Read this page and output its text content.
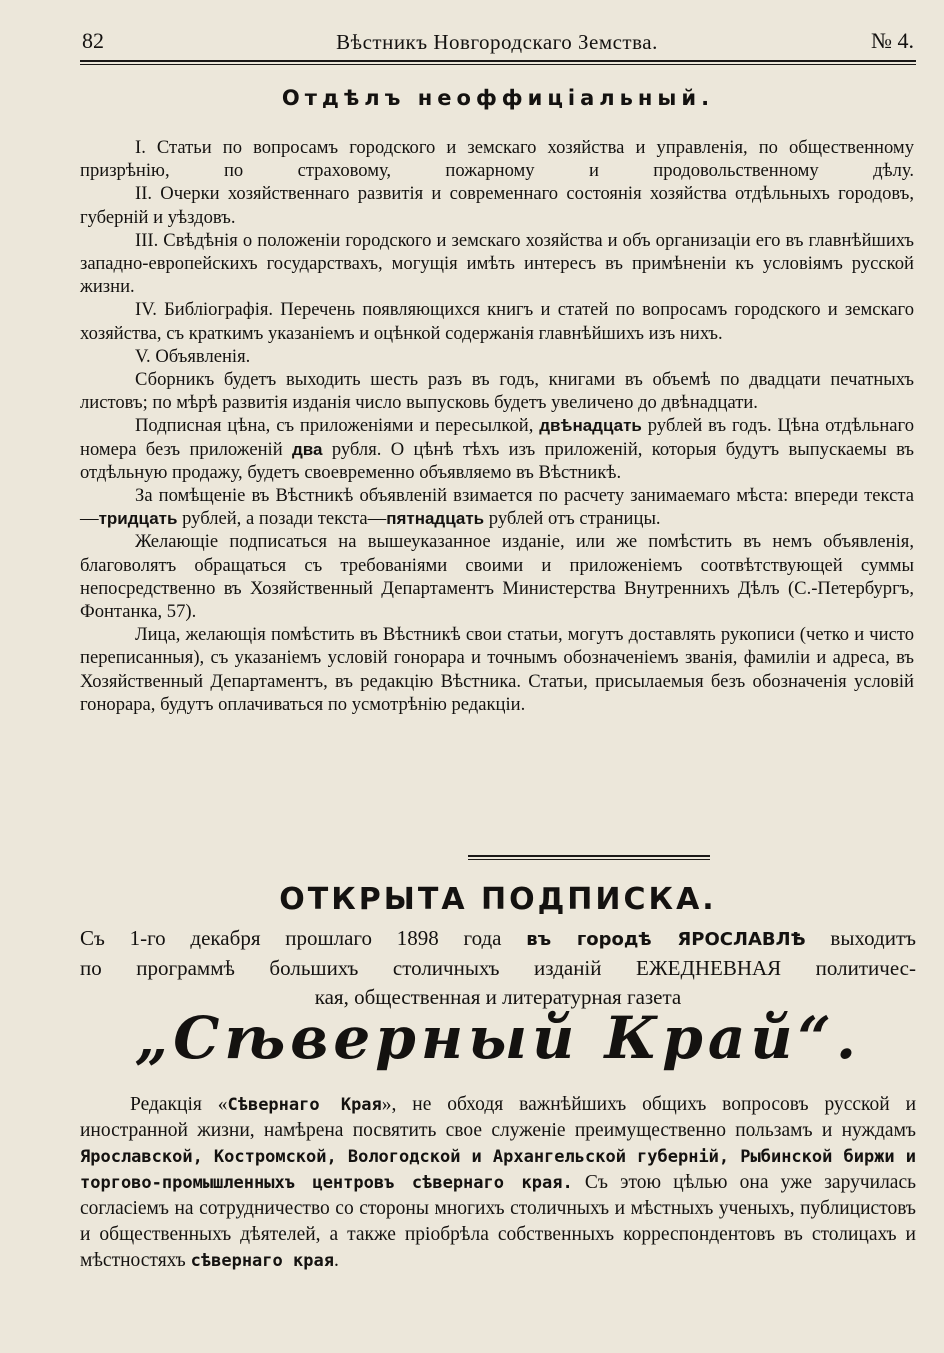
82	Вѣстникъ Новгородскаго Земства.	№ 4.
Отдѣлъ неоффиціальный.

I. Статьи по вопросамъ городского и земскаго хозяйства и управленія, по общественному призрѣнію, по страховому, пожарному и продовольственному дѣлу.

II. Очерки хозяйственнаго развитія и современнаго состоянія хозяйства отдѣльныхъ городовъ, губерній и уѣздовъ.

III. Свѣдѣнія о положеніи городского и земскаго хозяйства и объ организаціи его въ главнѣйшихъ западно-европейскихъ государствахъ, могущія имѣть интересъ въ примѣненіи къ условіямъ русской жизни.

IV. Библіографія. Перечень появляющихся книгъ и статей по вопросамъ городского и земскаго хозяйства, съ краткимъ указаніемъ и оцѣнкой содержанія главнѣйшихъ изъ нихъ.

V. Объявленія.

Сборникъ будетъ выходить шесть разъ въ годъ, книгами въ объемѣ по двадцати печатныхъ листовъ; по мѣрѣ развитія изданія число выпусковь будетъ увеличено до двѣнадцати.

Подписная цѣна, съ приложеніями и пересылкой, двѣнадцать рублей въ годъ. Цѣна отдѣльнаго номера безъ приложеній два рубля. О цѣнѣ тѣхъ изъ приложеній, которыя будутъ выпускаемы въ отдѣльную продажу, будетъ своевременно объявляемо въ Вѣстникѣ.

За помѣщеніе въ Вѣстникѣ объявленій взимается по расчету занимаемаго мѣста: впереди текста—тридцать рублей, а позади текста—пятнадцать рублей отъ страницы.

Желающіе подписаться на вышеуказанное изданіе, или же помѣстить въ немъ объявленія, благоволятъ обращаться съ требованіями своими и приложеніемъ соотвѣтствующей суммы непосредственно въ Хозяйственный Департаментъ Министерства Внутреннихъ Дѣлъ (С.-Петербургъ, Фонтанка, 57).

Лица, желающія помѣстить въ Вѣстникѣ свои статьи, могутъ доставлять рукописи (четко и чисто переписанныя), съ указаніемъ условій гонорара и точнымъ обозначеніемъ званія, фамиліи и адреса, въ Хозяйственный Департаментъ, въ редакцію Вѣстника. Статьи, присылаемыя безъ обозначенія условій гонорара, будутъ оплачиваться по усмотрѣнію редакціи.

ОТКРЫТА ПОДПИСКА.

Съ 1-го декабря прошлаго 1898 года въ городѣ ЯРОСЛАВЛѢ выходитъ

по программѣ большихъ столичныхъ изданій ЕЖЕДНЕВНАЯ политичес-

кая, общественная и литературная газета

„Сѣверный Край“.

Редакція «Сѣвернаго Края», не обходя важнѣйшихъ общихъ вопросовъ русской и иностранной жизни, намѣрена посвятить свое служеніе преимущественно пользамъ и нуждамъ Ярославской, Костромской, Вологодской и Архангельской губерній, Рыбинской биржи и торгово-промышленныхъ центровъ сѣвернаго края. Съ этою цѣлью она уже заручилась согласіемъ на сотрудничество со стороны многихъ столичныхъ и мѣстныхъ ученыхъ, публицистовъ и общественныхъ дѣятелей, а также пріобрѣла собственныхъ корреспондентовъ въ столицахъ и мѣстностяхъ сѣвернаго края.
